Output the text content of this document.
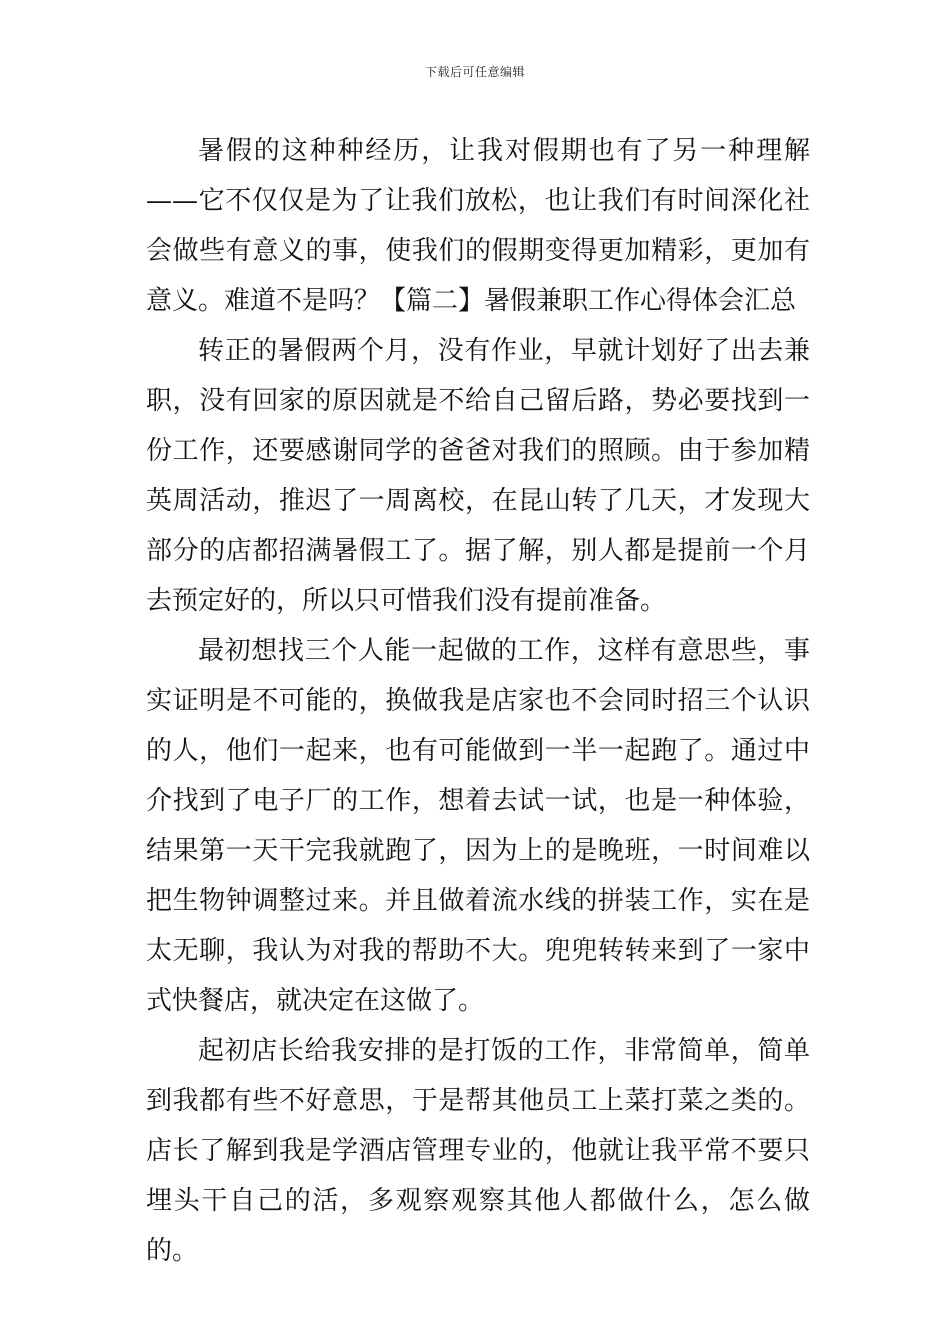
下载后可任意编辑

暑假的这种种经历，让我对假期也有了另一种理解——它不仅仅是为了让我们放松，也让我们有时间深化社会做些有意义的事，使我们的假期变得更加精彩，更加有意义。难道不是吗？【篇二】暑假兼职工作心得体会汇总

转正的暑假两个月，没有作业，早就计划好了出去兼职，没有回家的原因就是不给自己留后路，势必要找到一份工作，还要感谢同学的爸爸对我们的照顾。由于参加精英周活动，推迟了一周离校，在昆山转了几天，才发现大部分的店都招满暑假工了。据了解，别人都是提前一个月去预定好的，所以只可惜我们没有提前准备。

最初想找三个人能一起做的工作，这样有意思些，事实证明是不可能的，换做我是店家也不会同时招三个认识的人，他们一起来，也有可能做到一半一起跑了。通过中介找到了电子厂的工作，想着去试一试，也是一种体验，结果第一天干完我就跑了，因为上的是晚班，一时间难以把生物钟调整过来。并且做着流水线的拼装工作，实在是太无聊，我认为对我的帮助不大。兜兜转转来到了一家中式快餐店，就决定在这做了。

起初店长给我安排的是打饭的工作，非常简单，简单到我都有些不好意思，于是帮其他员工上菜打菜之类的。店长了解到我是学酒店管理专业的，他就让我平常不要只埋头干自己的活，多观察观察其他人都做什么，怎么做的。
